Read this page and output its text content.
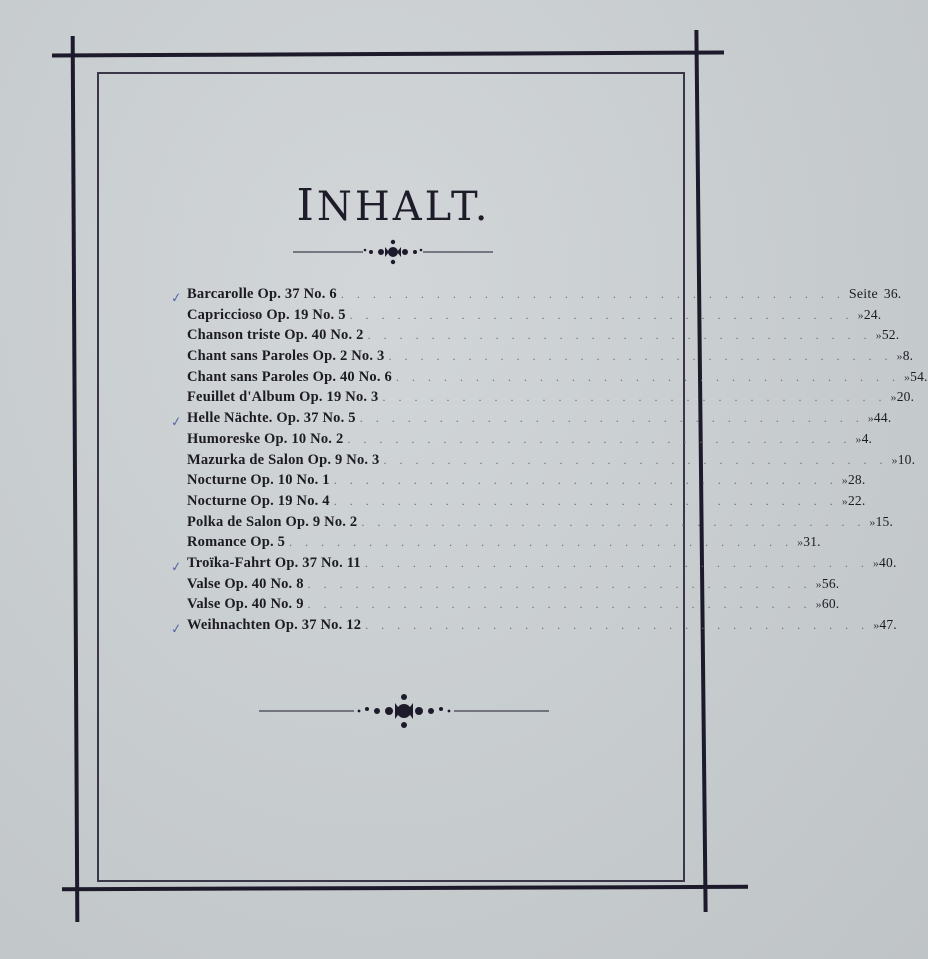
INHALT.
✓ Barcarolle Op. 37 No. 6 . . . . . . . . . . . . . . . . . . . . . . . . . . . . . . . . Seite 36.
Capriccioso Op. 19 No. 5 . . . . . . . . . . . . . . . . . . . . . . . . . . . . . . . . » 24.
Chanson triste Op. 40 No. 2 . . . . . . . . . . . . . . . . . . . . . . . . . . . . . . . . » 52.
Chant sans Paroles Op. 2 No. 3 . . . . . . . . . . . . . . . . . . . . . . . . . . . . . . . . » 8.
Chant sans Paroles Op. 40 No. 6 . . . . . . . . . . . . . . . . . . . . . . . . . . . . . . . . » 54.
Feuillet d'Album Op. 19 No. 3 . . . . . . . . . . . . . . . . . . . . . . . . . . . . . . . . » 20.
✓ Helle Nächte. Op. 37 No. 5 . . . . . . . . . . . . . . . . . . . . . . . . . . . . . . . . » 44.
Humoreske Op. 10 No. 2 . . . . . . . . . . . . . . . . . . . . . . . . . . . . . . . . » 4.
Mazurka de Salon Op. 9 No. 3 . . . . . . . . . . . . . . . . . . . . . . . . . . . . . . . . » 10.
Nocturne Op. 10 No. 1 . . . . . . . . . . . . . . . . . . . . . . . . . . . . . . . . » 28.
Nocturne Op. 19 No. 4 . . . . . . . . . . . . . . . . . . . . . . . . . . . . . . . . » 22.
Polka de Salon Op. 9 No. 2 . . . . . . . . . . . . . . . . . . . . . . . . . . . . . . . . » 15.
Romance Op. 5 . . . . . . . . . . . . . . . . . . . . . . . . . . . . . . . . » 31.
✓ Troïka-Fahrt Op. 37 No. 11 . . . . . . . . . . . . . . . . . . . . . . . . . . . . . . . . » 40.
Valse Op. 40 No. 8 . . . . . . . . . . . . . . . . . . . . . . . . . . . . . . . . » 56.
Valse Op. 40 No. 9 . . . . . . . . . . . . . . . . . . . . . . . . . . . . . . . . » 60.
✓ Weihnachten Op. 37 No. 12 . . . . . . . . . . . . . . . . . . . . . . . . . . . . . . . . » 47.
